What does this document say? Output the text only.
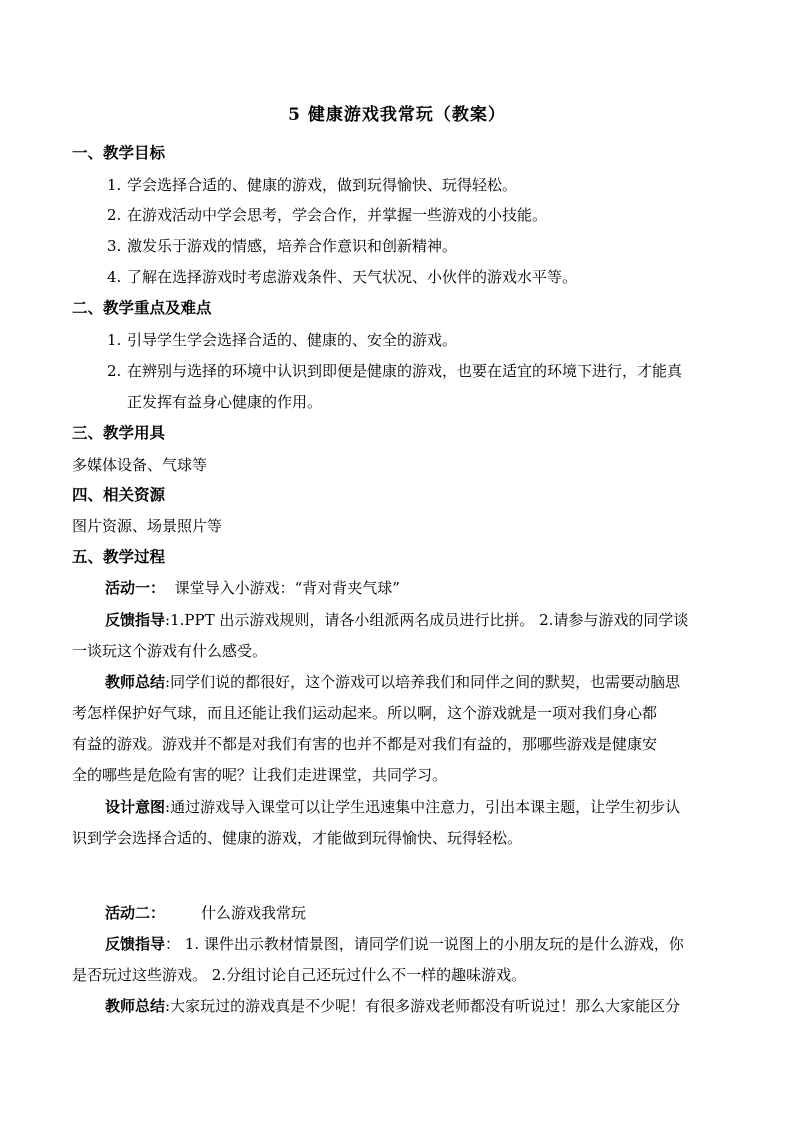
5 健康游戏我常玩（教案）
一、教学目标
1. 学会选择合适的、健康的游戏，做到玩得愉快、玩得轻松。
2. 在游戏活动中学会思考，学会合作，并掌握一些游戏的小技能。
3. 激发乐于游戏的情感，培养合作意识和创新精神。
4. 了解在选择游戏时考虑游戏条件、天气状况、小伙伴的游戏水平等。
二、教学重点及难点
1. 引导学生学会选择合适的、健康的、安全的游戏。
2. 在辨别与选择的环境中认识到即便是健康的游戏，也要在适宜的环境下进行，才能真
正发挥有益身心健康的作用。
三、教学用具
多媒体设备、气球等
四、相关资源
图片资源、场景照片等
五、教学过程
活动一： 课堂导入小游戏：“背对背夹气球”
反馈指导:1.PPT 出示游戏规则，请各小组派两名成员进行比拼。 2.请参与游戏的同学谈
一谈玩这个游戏有什么感受。
教师总结:同学们说的都很好，这个游戏可以培养我们和同伴之间的默契，也需要动脑思
考怎样保护好气球，而且还能让我们运动起来。所以啊，这个游戏就是一项对我们身心都
有益的游戏。游戏并不都是对我们有害的也并不都是对我们有益的，那哪些游戏是健康安
全的哪些是危险有害的呢？让我们走进课堂，共同学习。
设计意图:通过游戏导入课堂可以让学生迅速集中注意力，引出本课主题，让学生初步认
识到学会选择合适的、健康的游戏，才能做到玩得愉快、玩得轻松。
活动二： 什么游戏我常玩
反馈指导： 1. 课件出示教材情景图，请同学们说一说图上的小朋友玩的是什么游戏，你
是否玩过这些游戏。 2.分组讨论自己还玩过什么不一样的趣味游戏。
教师总结:大家玩过的游戏真是不少呢！有很多游戏老师都没有听说过！那么大家能区分
